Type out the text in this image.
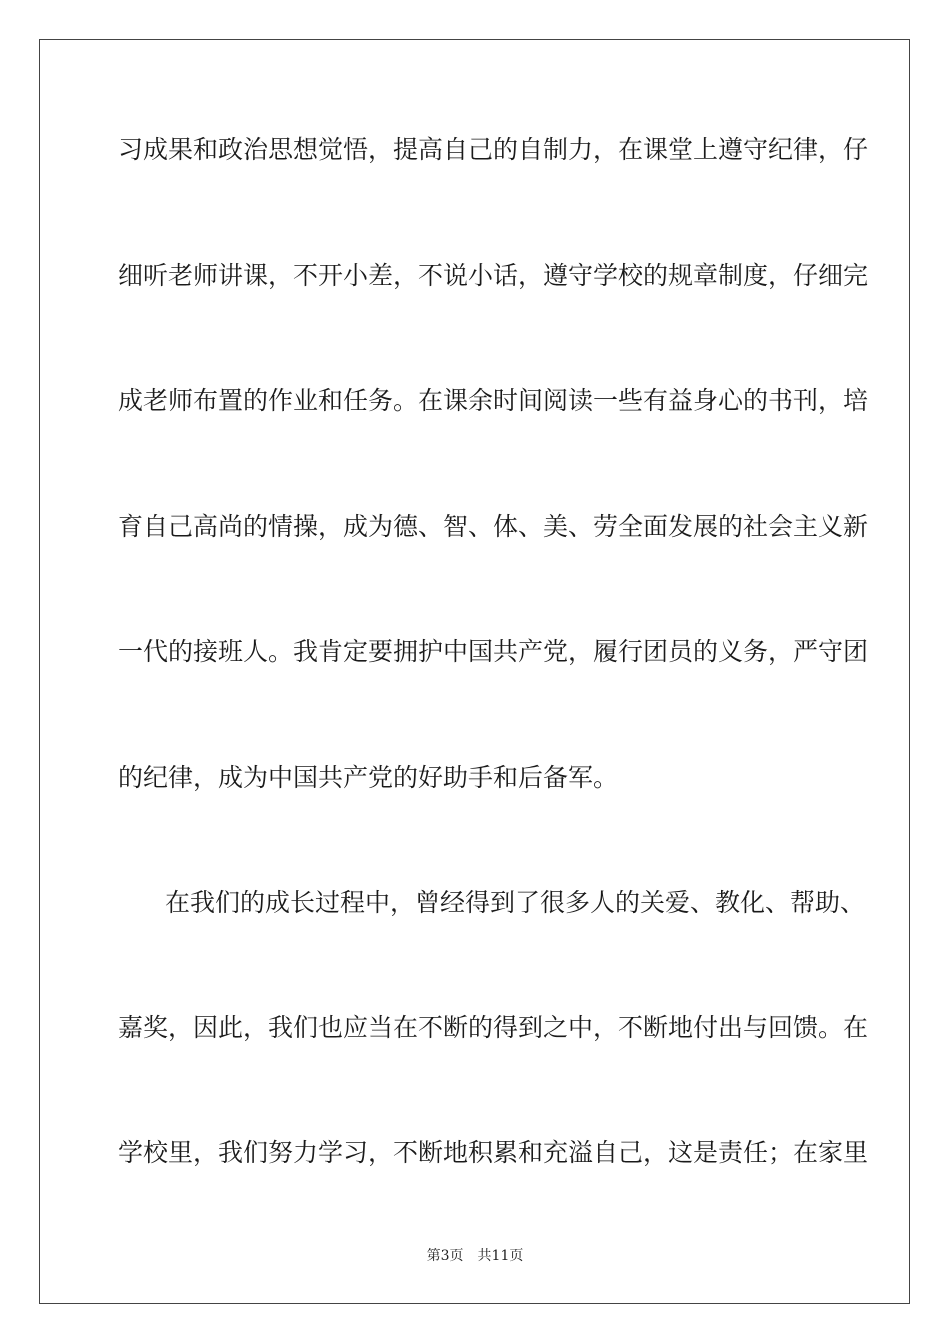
习成果和政治思想觉悟，提高自己的自制力，在课堂上遵守纪律，仔
细听老师讲课，不开小差，不说小话，遵守学校的规章制度，仔细完
成老师布置的作业和任务。在课余时间阅读一些有益身心的书刊，培
育自己高尚的情操，成为德、智、体、美、劳全面发展的社会主义新
一代的接班人。我肯定要拥护中国共产党，履行团员的义务，严守团
的纪律，成为中国共产党的好助手和后备军。
在我们的成长过程中，曾经得到了很多人的关爱、教化、帮助、
嘉奖，因此，我们也应当在不断的得到之中，不断地付出与回馈。在
学校里，我们努力学习，不断地积累和充溢自己，这是责任；在家里
第3页 共11页
